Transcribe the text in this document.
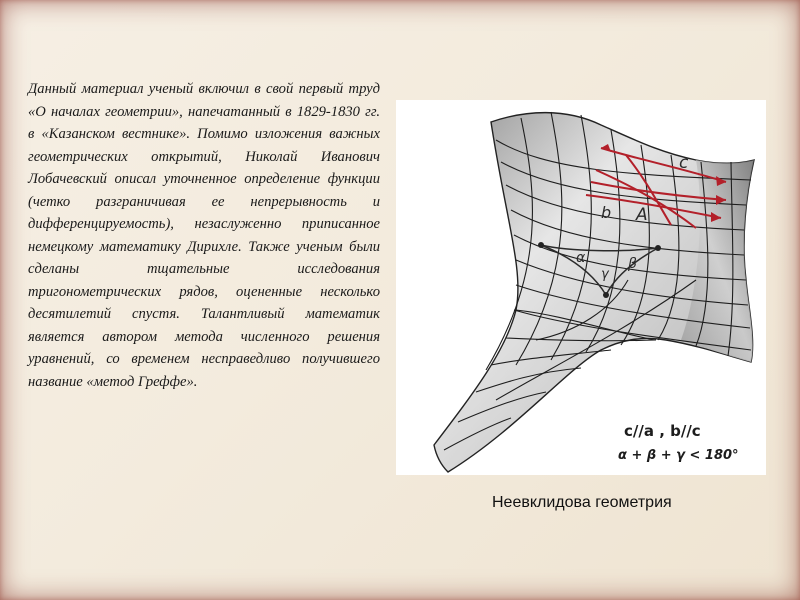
Данный материал ученый включил в свой первый труд «О началах геометрии», напечатанный в 1829-1830 гг. в «Казанском вестнике». Помимо изложения важных геометрических открытий, Николай Иванович Лобачевский описал уточненное определение функции (четко разграничивая ее непрерывность и дифференцируемость), незаслуженно приписанное немецкому математику Дирихле. Также ученым были сделаны тщательные исследования тригонометрических рядов, оцененные несколько десятилетий спустя. Талантливый математик является автором метода численного решения уравнений, со временем несправедливо получившего название «метод Греффе».

c
b A
α	β
γ
c//a , b//c
α + β + γ < 180°
Неевклидова геометрия
